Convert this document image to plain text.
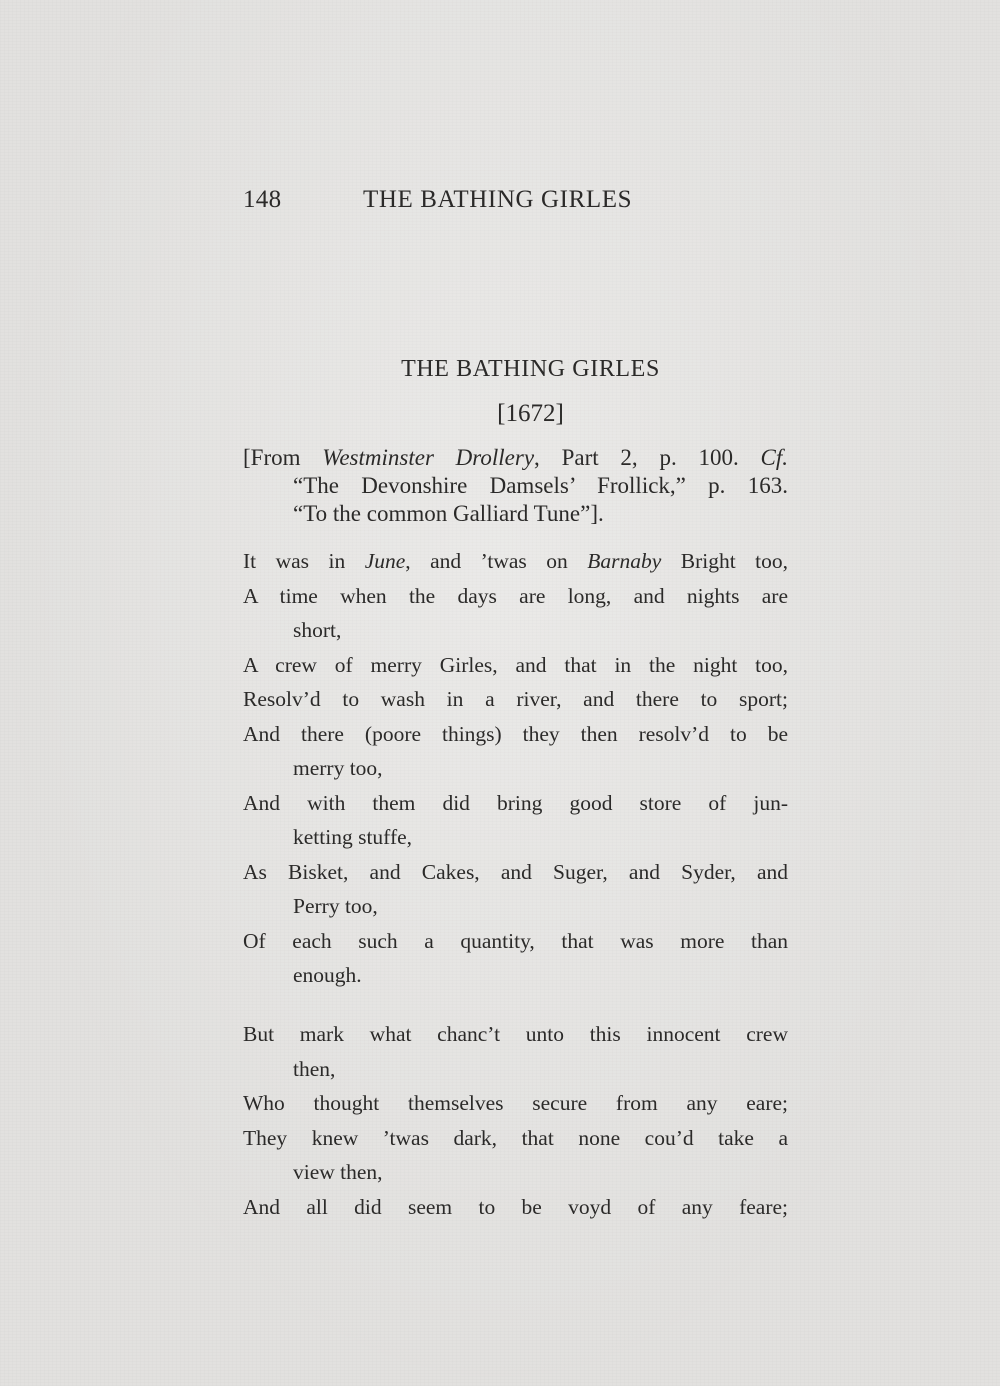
148	THE BATHING GIRLES
THE BATHING GIRLES
[1672]
[From Westminster Drollery, Part 2, p. 100. Cf.
“The Devonshire Damsels’ Frollick,” p. 163.
“To the common Galliard Tune”].
It was in June, and ’twas on Barnaby Bright too,
A time when the days are long, and nights are
short,
A crew of merry Girles, and that in the night too,
Resolv’d to wash in a river, and there to sport;
And there (poore things) they then resolv’d to be
merry too,
And with them did bring good store of jun-
ketting stuffe,
As Bisket, and Cakes, and Suger, and Syder, and
Perry too,
Of each such a quantity, that was more than
enough.
But mark what chanc’t unto this innocent crew
then,
Who thought themselves secure from any eare;
They knew ’twas dark, that none cou’d take a
view then,
And all did seem to be voyd of any feare;
